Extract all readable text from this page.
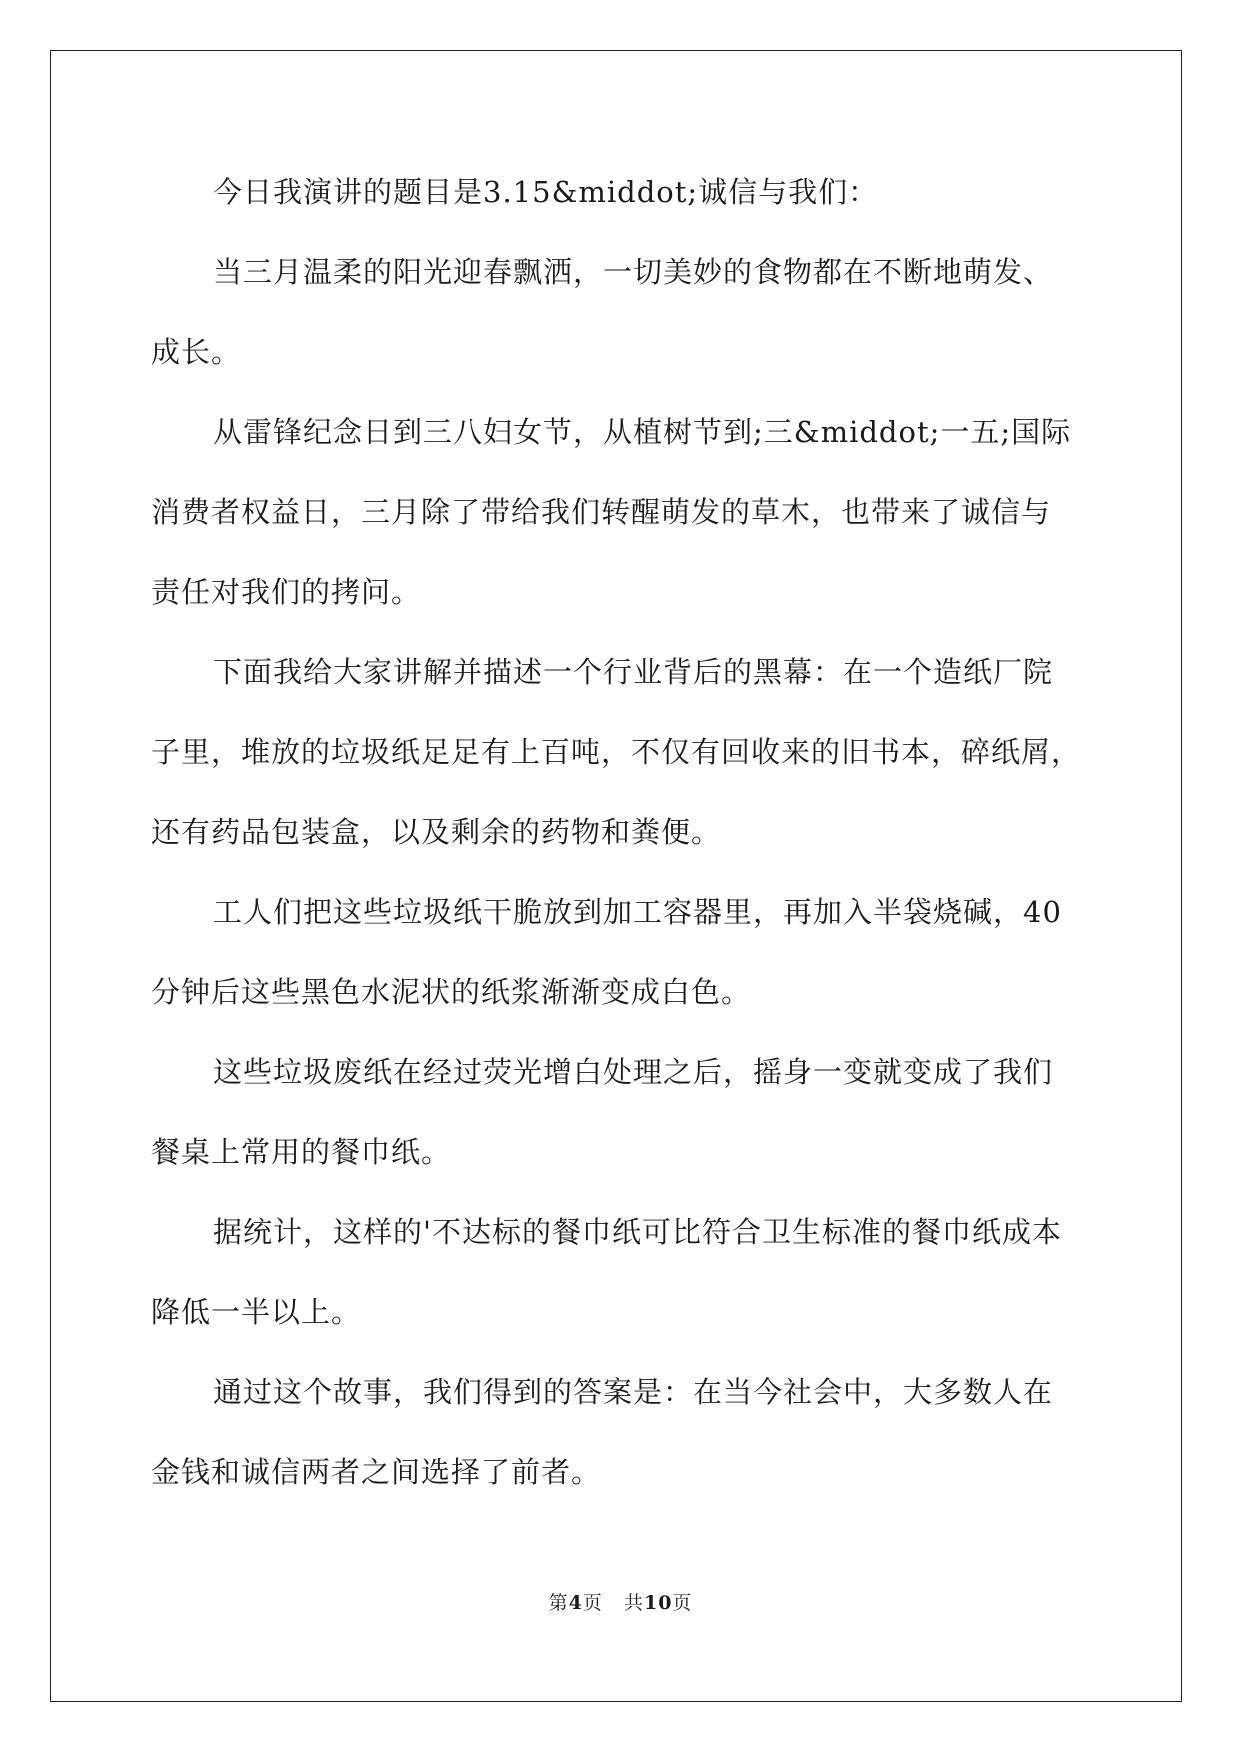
今日我演讲的题目是3.15&middot;诚信与我们：
当三月温柔的阳光迎春飘洒，一切美妙的食物都在不断地萌发、
成长。
从雷锋纪念日到三八妇女节，从植树节到;三&middot;一五;国际
消费者权益日，三月除了带给我们转醒萌发的草木，也带来了诚信与
责任对我们的拷问。
下面我给大家讲解并描述一个行业背后的黑幕：在一个造纸厂院
子里，堆放的垃圾纸足足有上百吨，不仅有回收来的旧书本，碎纸屑，
还有药品包装盒，以及剩余的药物和粪便。
工人们把这些垃圾纸干脆放到加工容器里，再加入半袋烧碱，40
分钟后这些黑色水泥状的纸浆渐渐变成白色。
这些垃圾废纸在经过荧光增白处理之后，摇身一变就变成了我们
餐桌上常用的餐巾纸。
据统计，这样的'不达标的餐巾纸可比符合卫生标准的餐巾纸成本
降低一半以上。
通过这个故事，我们得到的答案是：在当今社会中，大多数人在
金钱和诚信两者之间选择了前者。
第4页 共10页
